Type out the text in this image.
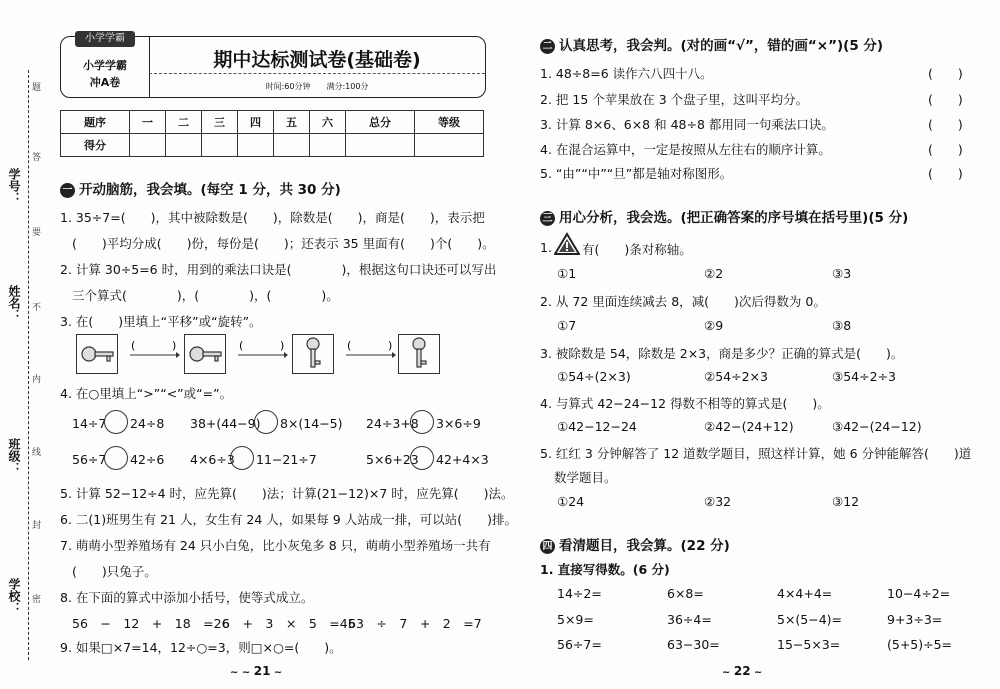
学号：
姓名：
班级：
学校：
题
答
要
不
内
线
封
密
小学学霸
小学学霸
冲A卷
期中达标测试卷(基础卷)
时间:60分钟　　满分:100分
题序	一	二	三	四	五	六	总分	等级
得分								
一 开动脑筋，我会填。(每空 1 分，共 30 分)
1. 35÷7=(　　)，其中被除数是(　　)，除数是(　　)，商是(　　)，表示把
(　　)平均分成(　　)份，每份是(　　)；还表示 35 里面有(　　)个(　　)。
2. 计算 30÷5=6 时，用到的乘法口诀是(　　　　)，根据这句口诀还可以写出
三个算式(　　　　)，(　　　　)，(　　　　)。
3. 在(　　)里填上“平移”或“旋转”。
(	)	(	)	(	)
4. 在○里填上“>”“<”或“=”。
14÷7 24÷8 38+(44−9) 8×(14−5) 24÷3+8 3×6÷9
56÷7 42÷6 4×6÷3 11−21÷7	5×6+23 42+4×3
5. 计算 52−12÷4 时，应先算(　　)法；计算(21−12)×7 时，应先算(　　)法。
6. 二(1)班男生有 21 人，女生有 24 人，如果每 9 人站成一排，可以站(　　)排。
7. 萌萌小型养殖场有 24 只小白兔，比小灰兔多 8 只，萌萌小型养殖场一共有
(　　)只兔子。
8. 在下面的算式中添加小括号，使等式成立。
56　−　12　+　18　=26
6　+　3　×　5　=45
63　÷　7　+　2　=7
9. 如果□×7=14，12÷○=3，则□×○=(　　)。
~ ~ 21 ~
二 认真思考，我会判。(对的画“√”，错的画“×”)(5 分)
1. 48÷8=6 读作六八四十八。	(　　)
2. 把 15 个苹果放在 3 个盘子里，这叫平均分。	(　　)
3. 计算 8×6、6×8 和 48÷8 都用同一句乘法口诀。	(　　)
4. 在混合运算中，一定是按照从左往右的顺序计算。	(　　)
5. “由”“中”“旦”都是轴对称图形。	(　　)
三 用心分析，我会选。(把正确答案的序号填在括号里)(5 分)
1. 有(　　)条对称轴。
①1	②2	③3
2. 从 72 里面连续减去 8，减(　　)次后得数为 0。
①7	②9	③8
3. 被除数是 54，除数是 2×3，商是多少？正确的算式是(　　)。
①54÷(2×3)	②54÷2×3	③54÷2÷3
4. 与算式 42−24−12 得数不相等的算式是(　　)。
①42−12−24	②42−(24+12)	③42−(24−12)
5. 红红 3 分钟解答了 12 道数学题目，照这样计算，她 6 分钟能解答(　　)道
数学题目。
①24	②32	③12
四 看清题目，我会算。(22 分)
1. 直接写得数。(6 分)
14÷2=	6×8=	4×4+4=	10−4÷2=
5×9=	36÷4=	5×(5−4)=	9+3÷3=
56÷7=	63−30=	15−5×3=	(5+5)÷5=
~ 22 ~
